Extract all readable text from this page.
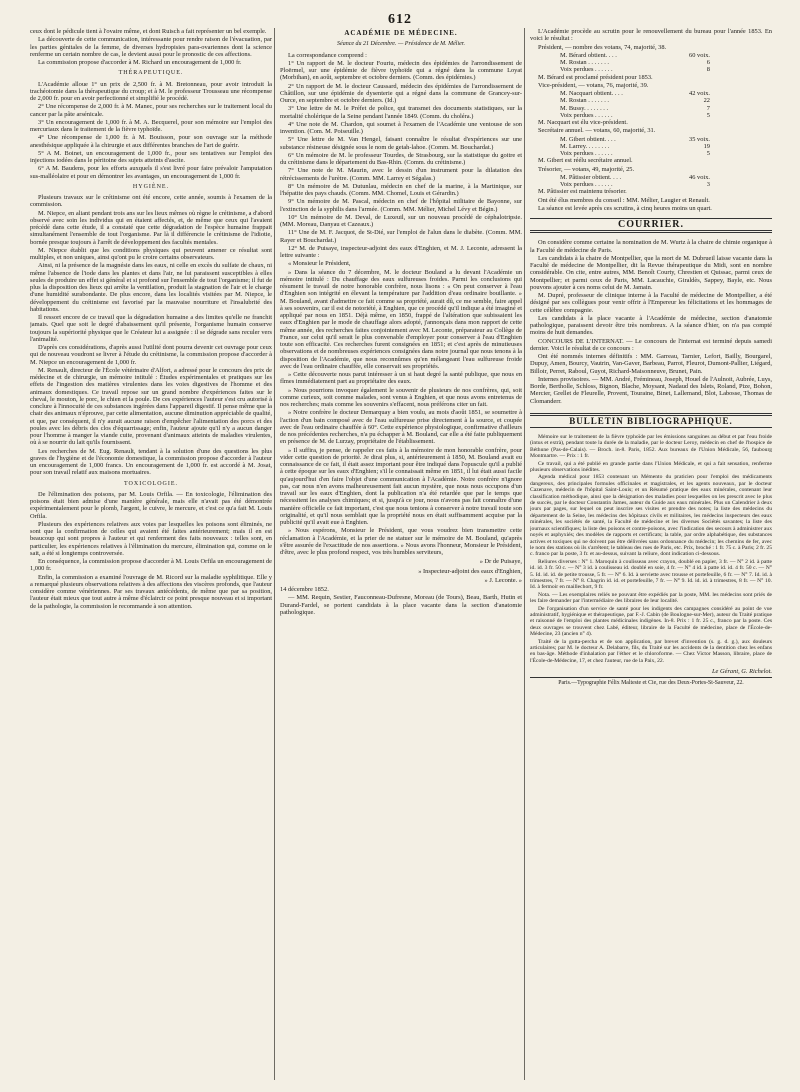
612

ceux dont le pédicule tient à l'ovaire même, et dont Ruisch a fait représenter un bel exemple.

La découverte de cette communication, intéressante pour rendre raison de l'évacuation, par les parties génitales de la femme, de diverses hydropisies para-ovariennes dont la science renferme un certain nombre de cas, le devient aussi pour le pronostic de ces affections.

La commission propose d'accorder à M. Richard un encouragement de 1,000 fr.

THÉRAPEUTIQUE.

L'Académie alloue 1° un prix de 2,500 fr. à M. Bretonneau, pour avoir introduit la trachéotomie dans la thérapeutique du croup; et à M. le professeur Trousseau une récompense de 2,000 fr. pour en avoir perfectionné et simplifié le procédé.

2° Une récompense de 2,000 fr. à M. Manec, pour ses recherches sur le traitement local du cancer par la pâte arsénicale.

3° Un encouragement de 1,000 fr. à M. A. Becquerel, pour son mémoire sur l'emploi des mercuriaux dans le traitement de la fièvre typhoïde.

4° Une récompense de 1,000 fr. à M. Bouisson, pour son ouvrage sur la méthode anesthésique appliquée à la chirurgie et aux différentes branches de l'art de guérir.

5° A M. Boinet, un encouragement de 1,000 fr., pour ses tentatives sur l'emploi des injections iodées dans le péritoine des sujets atteints d'ascite.

6° A M. Baudens, pour les efforts auxquels il s'est livré pour faire prévaloir l'amputation sus-malléolaire et pour en démontrer les avantages, un encouragement de 1,000 fr.

HYGIÈNE.

Plusieurs travaux sur le crétinisme ont été encore, cette année, soumis à l'examen de la commission.

M. Niepce, en aliant pendant trois ans sur les lieux mêmes où règne le crétinisme, a d'abord observé avec soin les individus qui en étaient affectés, et, de même que ceux qui l'avaient précédé dans cette étude, il a constaté que cette dégradation de l'espèce humaine frappait simultanément l'ensemble de tout l'organisme. Par là il différencie le crétinisme de l'idiotie, bornée presque toujours à l'arrêt de développement des facultés mentales.

M. Niepce établit que les conditions physiques qui peuvent amener ce résultat sont multiples, et non uniques, ainsi qu'ont pu le croire certains observateurs.

Ainsi, ni la présence de la magnésie dans les eaux, ni celle en excès du sulfate de chaux, ni même l'absence de l'iode dans les plantes et dans l'air, ne lui paraissent susceptibles à elles seules de produire un effet si général et si profond sur l'ensemble de tout l'organisme; il fut de plus la disposition des lieux qui arrête la ventilation, produit la stagnation de l'air et le charge d'une humidité surabondante. De plus encore, dans les localités visitées par M. Niepce, le développement du crétinisme est favorisé par la mauvaise nourriture et l'insalubrité des habitations.

Il ressort encore de ce travail que la dégradation humaine a des limites qu'elle ne franchit jamais. Quel que soit le degré d'abaissement qu'il présente, l'organisme humain conserve toujours la supériorité physique que le Créateur lui a assignée : il se dégrade sans reculer vers l'animalité.

D'après ces considérations, d'après aussi l'utilité dont pourra devenir cet ouvrage pour ceux qui de nouveau voudront se livrer à l'étude du crétinisme, la commission propose d'accorder à M. Niepce un encouragement de 1,000 fr.

M. Renault, directeur de l'École vétérinaire d'Alfort, a adressé pour le concours des prix de médecine et de chirurgie, un mémoire intitulé : Études expérimentales et pratiques sur les effets de l'ingestion des matières virulentes dans les voies digestives de l'homme et des animaux domestiques. Ce travail repose sur un grand nombre d'expériences faites sur le cheval, le mouton, le porc, le chien et la poule. De ces expériences l'auteur s'est cru autorisé à conclure à l'innocuité de ces substances ingérées dans l'appareil digestif. Il pense même que la chair des animaux n'éprouve, par cette alimentation, aucune diminution appréciable de qualité, et que, par conséquent, il n'y aurait aucune raison d'empêcher l'alimentation des porcs et des poules avec les débris des clos d'équarrissage; enfin, l'auteur ajoute qu'il n'y a aucun danger pour l'homme à manger la viande cuite, provenant d'animaux atteints de maladies virulentes, où à se nourrir du lait qu'ils fournissent.

Les recherches de M. Eug. Renault, tendant à la solution d'une des questions les plus graves de l'hygiène et de l'économie domestique, la commission propose d'accorder à l'auteur un encouragement de 1,000 francs. Un encouragement de 1,000 fr. est accordé à M. Josat, pour son travail relatif aux maisons mortuaires.

TOXICOLOGIE.

De l'élimination des poisons, par M. Louis Orfila. — En toxicologie, l'élimination des poisons était bien admise d'une manière générale, mais elle n'avait pas été démontrée expérimentalement pour le plomb, l'argent, le cuivre, le mercure, et c'est ce qu'a fait M. Louis Orfila.

Plusieurs des expériences relatives aux voies par lesquelles les poisons sont éliminés, ne sont que la confirmation de celles qui avaient été faites antérieurement; mais il en est beaucoup qui sont propres à l'auteur et qui renferment des faits nouveaux : telles sont, en particulier, les expériences relatives à l'élimination du mercure, élimination qui, comme on le sait, a été si longtemps controversée.

En conséquence, la commission propose d'accorder à M. Louis Orfila un encouragement de 1,000 fr.

Enfin, la commission a examiné l'ouvrage de M. Ricord sur la maladie syphilitique. Elle y a remarqué plusieurs observations relatives à des affections des viscères profonds, que l'auteur considère comme vénériennes. Par ses travaux antécédents, de même que par sa position, l'auteur était mieux que tout autre à même d'éclaircir ce point presque nouveau et si important de la pathologie, la commission le recommande à son attention.

ACADÉMIE DE MÉDECINE.
Séance du 21 Décembre. — Présidence de M. Mélier.

La correspondance comprend :

1° Un rapport de M. le docteur Fouriu, médecin des épidémies de l'arrondissement de Ploërmel, sur une épidémie de fièvre typhoïde qui a régné dans la commune Loyat (Morbihan), en août, septembre et octobre derniers. (Comm. des épidémies.)

2° Un rapport de M. le docteur Caussard, médecin des épidémies de l'arrondissement de Châtillon, sur une épidémie de dysenterie qui a régné dans la commune de Grancey-sur-Ource, en septembre et octobre derniers. (Id.)

3° Une lettre de M. le Préfet de police, qui transmet des documents statistiques, sur la mortalité cholérique de la Seine pendant l'année 1849. (Comm. du choléra.)

4° Une note de M. Chardon, qui soumet à l'examen de l'Académie une ventouse de son invention. (Com. M. Poiseuille.)

5° Une lettre de M. Van Hengel, faisant connaître le résultat d'expériences sur une substance résineuse désignée sous le nom de getah-lahoe. (Comm. M. Bouchardat.)

6° Un mémoire de M. le professeur Tourdes, de Strasbourg, sur la statistique du goitre et du crétinisme dans le département du Bas-Rhin. (Comm. du crétinisme.)

7° Une note de M. Maurin, avec le dessin d'un instrument pour la dilatation des rétrécissements de l'urètre. (Comm. MM. Larrey et Ségalas.)

8° Un mémoire de M. Dutunlau, médecin en chef de la marine, à la Martinique, sur l'hépatite des pays chauds. (Comm. MM. Chomel, Louis et Gérardin.)

9° Un mémoire de M. Pascal, médecin en chef de l'hôpital militaire de Bayonne, sur l'extinction de la syphilis dans l'armée. (Comm. MM. Mélier, Michel Lévy et Bégin.)

10° Un mémoire de M. Deval, de Luxeuil, sur un nouveau procédé de céphalotripsie. (MM. Moreau, Danyau et Cazeaux.)

11° Une de M. F. Jacquot, de St-Dié, sur l'emploi de l'alun dans le diabète. (Comm. MM. Rayer et Bouchardat.)

12° M. de Puisaye, inspecteur-adjoint des eaux d'Enghien, et M. J. Leconte, adressent la lettre suivante :

« Monsieur le Président,

» Dans la séance du 7 décembre, M. le docteur Bouland a lu devant l'Académie un mémoire intitulé : Du chauffage des eaux sulfureuses froides. Parmi les conclusions qui résument le travail de notre honorable confrère, nous lisons : « On peut conserver à l'eau d'Enghien son intégrité en élevant la température par l'addition d'eau ordinaire bouillante. » M. Bouland, avant d'admettre ce fait comme sa propriété, aurait dû, ce me semble, faire appel à ses souvenirs, car il est de notoriété, à Enghien, que ce procédé qu'il indique a été imaginé et appliqué par nous en 1851. Déjà même, en 1850, frappé de l'altération que subissaient les eaux d'Enghien par le mode de chauffage alors adopté, j'annonçais dans mon rapport de cette même année, des recherches faites conjointement avec M. Leconte, préparateur au Collège de France, sur celui qu'il serait le plus convenable d'employer pour conserver à l'eau d'Enghien toute son efficacité. Ces recherches furent consignées en 1851; et c'est après de minutieuses observations et de nombreuses expériences consignées dans notre journal que nous tenons à la disposition de l'Académie, que nous reconnûmes qu'en mélangeant l'eau sulfureuse froide avec de l'eau ordinaire chauffée, elle conservait ses propriétés.

» Cette découverte nous parut intéresser à un si haut degré la santé publique, que nous en fîmes immédiatement part au propriétaire des eaux.

» Nous pourrions invoquer également le souvenir de plusieurs de nos confrères, qui, soit comme curieux, soit comme malades, sont venus à Enghien, et que nous avons entretenus de nos recherches; mais comme les souvenirs s'effacent, nous préférons citer un fait.

» Notre confrère le docteur Demarquay a bien voulu, au mois d'août 1851, se soumettre à l'action d'un bain composé avec de l'eau sulfureuse prise directement à la source, et coupée avec de l'eau ordinaire chauffée à 60°. Cette expérience physiologique, confirmative d'ailleurs de nos précédentes recherches, n'a pu échapper à M. Bouland, car elle a été faite publiquement en présence de M. de Lurzay, propriétaire de l'établissement.

» Il suffira, je pense, de rappeler ces faits à la mémoire de mon honorable confrère, pour vider cette question de priorité. Je dirai plus, si, antérieurement à 1850, M. Bouland avait eu connaissance de ce fait, il était assez important pour être indiqué dans l'opuscule qu'il a publié à cette époque sur les eaux d'Enghien; s'il le connaissait même en 1851, il lui était aussi facile qu'aujourd'hui d'en faire l'objet d'une communication à l'Académie. Notre confrère n'ignore pas, car nous n'en avons malheureusement fait aucun mystère, que nous nous occupons d'un travail sur les eaux d'Enghien, dont la publication n'a été retardée que par le temps que nécessitent les analyses chimiques; et si, jusqu'à ce jour, nous n'avons pas fait connaître d'une manière officielle ce fait important, c'est que nous tenions à conserver à notre travail toute son originalité, et qu'il nous semblait que la propriété nous en était suffisamment acquise par la publicité qu'il avait eue à Enghien.

» Nous espérons, Monsieur le Président, que vous voudrez bien transmettre cette réclamation à l'Académie, et la prier de ne statuer sur le mémoire de M. Bouland, qu'après s'être assurée de l'exactitude de nos assertions. » Nous avons l'honneur, Monsieur le Président, d'être, avec le plus profond respect, vos très humbles serviteurs,

» Dr de Puisaye,
» Inspecteur-adjoint des eaux d'Enghien,
» J. Leconte. »

14 décembre 1852.

— MM. Requin, Sestier, Fauconneau-Dufresne, Moreau (de Tours), Beau, Barth, Hutin et Durand-Fardel, se portent candidats à la place vacante dans la section d'anatomie pathologique.

L'Académie procède au scrutin pour le renouvellement du bureau pour l'année 1853. En voici le résultat :

Président, — nombre des votans, 74, majorité, 38.

M. Bérard obtient. . . .	60 voix.
M. Rostan . . . . . . .	6
Voix perdues . . . . . .	8

M. Bérard est proclamé président pour 1853.

Vice-président, — votans, 76, majorité, 39.

M. Nacquart obtient. . . .	42 voix.
M. Rostan . . . . . . .	22
M. Bussy. . . . . . . .	7
Voix perdues . . . . . .	5

M. Nacquart est élu vice-président.

Secrétaire annuel. — votans, 60, majorité, 31.

M. Gibert obtient. . . .	35 voix.
M. Larrey. . . . . . . .	19
Voix perdues . . . . . .	5

M. Gibert est réélu secrétaire annuel.

Trésorier, — votans, 49, majorité, 25.

M. Pâtissier obtient. . . .	46 voix.
Voix perdues . . . . . .	3

M. Pâtissier est maintenu trésorier.

Ont été élus membres du conseil : MM. Mélier, Laugier et Renault.

La séance est levée après ces scrutins, à cinq heures moins un quart.

COURRIER.

On considère comme certaine la nomination de M. Wurtz à la chaire de chimie organique à la Faculté de médecine de Paris.

Les candidats à la chaire de Montpellier, que la mort de M. Dubrueil laisse vacante dans la Faculté de médecine de Montpellier, dit la Revue thérapeutique du Midi, sont en nombre considérable. On cite, entre autres, MM. Benoît Courty, Chrestien et Quissac, parmi ceux de Montpellier; et parmi ceux de Paris, MM. Lacauchie, Giraldès, Sappey, Bayle, etc. Nous pouvons ajouter à ces noms celui de M. Jamain.

M. Dupré, professeur de clinique interne à la Faculté de médecine de Montpellier, a été désigné par ses collègues pour venir offrir à l'Empereur les félicitations et les hommages de cette célèbre compagnie.

Les candidats à la place vacante à l'Académie de médecine, section d'anatomie pathologique, paraissent devoir être très nombreux. A la séance d'hier, on n'a pas compté moins de huit demandes.

CONCOURS DE L'INTERNAT. — Le concours de l'internat est terminé depuis samedi dernier. Voici le résultat de ce concours :

Ont été nommés internes définitifs : MM. Garreau, Tarnier, Lefort, Bailly, Bourgarel, Dupuy, Amen, Bourcy, Vautrin, Van-Gaver, Barbeau, Parrot, Fleurot, Dumont-Pallier, Liégard, Billoir, Perret, Raboul, Guyot, Richard-Maisonneuve, Brunet, Pain.

Internes provisoires. — MM. André, Frémineau, Joseph, Houel de l'Aulnoit, Aubrée, Luys, Borde, Bertholle, Schloss, Bignon, Blache, Moysant, Nadaud des Islets, Roland, Pize, Bohon, Mercier, Grellet de Fleurelle, Provent, Touraine, Binet, Lallemand, Blot, Labosse, Thomas de Clomanderr.

BULLETIN BIBLIOGRAPHIQUE.

Mémoire sur le traitement de la fièvre typhoïde par les émissions sanguines au début et par l'eau froide (intus et extrà), pendant toute la durée de la maladie, par le docteur Leroy, médecin en chef de l'hospice de Béthune (Pas-de-Calais). — Broch. in-8. Paris, 1852. Aux bureaux de l'Union Médicale, 56, faubourg Montmartre. — Prix : 1 fr.

Ce travail, qui a été publié en grande partie dans l'Union Médicale, et qui a fait sensation, renferme plusieurs observations inédites.

Agenda médical pour 1853 contenant un Mémento du praticien pour l'emploi des médicaments dangereux, des principales formules officinales et magistrales, et les agents nouveaux, par le docteur Cazenave, médecin de l'hôpital Saint-Louis; et un Résumé pratique des eaux minérales, contenant leur classification méthodique, ainsi que la désignation des maladies pour lesquelles on les prescrit avec le plus de succès, par le docteur Constantin James, auteur du Guide aux eaux minérales. Plus un Calendrier à deux jours par pages, sur lequel on peut inscrire ses visites et prendre des notes; la liste des médecins du département de la Seine, les médecins des hôpitaux civils et militaires, les médecins inspecteurs des eaux minérales, les sociétés de santé, la Faculté de médecine et les diverses Sociétés savantes; la liste des journaux scientifiques; la liste des poisons et contre-poisons, avec l'indication des secours à administrer aux noyés et asphyxiés; des modèles de rapports et certificats; la table, par ordre alphabétique, des substances actives et toxiques qui ne doivent pas être délivrées sans ordonnance du médecin; les chemins de fer, avec le nom des stations où ils s'arrêtent; le tableau des rues de Paris, etc. Prix, broché : 1 fr. 75 c. à Paris; 2 fr. 25 c. franco par la poste, 3 fr. et au-dessus, suivant la reliure, dont indication ci-dessous.

Reliures diverses : N° 1. Maroquin à coulisseau avec crayon, doublé en papier, 3 fr. — N° 2 id. à patte id. id. 3 fr. 50 c. — N° 3 id. à coulisseau id. doublé en soie, 4 fr. — N° 4 id. à patte id. id. 4 fr. 50 c. — N° 5. Id. id. id. de petite trousse, 5 fr. — N° 6. Id. à serviette avec trousse et portefeuille, 6 fr. — N° 7. Id. id. à trimestres, 7 fr. — N° 8. Chagrin id. id. et portefeuille, 7 fr. — N° 9. Id. id. id. à trimestres, 8 fr. — N° 10. Id. à fermoir en maillechort, 9 fr.

Nota. — Les exemplaires reliés ne pouvant être expédiés par la poste, MM. les médecins sont priés de les faire demander par l'intermédiaire des libraires de leur localité.

De l'organisation d'un service de santé pour les indigents des campagnes considéré au point de vue administratif, hygiénique et thérapeutique, par F.-J. Cabin (de Boulogne-sur-Mer), auteur du Traité pratique et raisonné de l'emploi des plantes médicinales indigènes. In-8. Prix : 1 fr. 25 c., franco par la poste. Ces deux ouvrages se trouvent chez Labé, éditeur, libraire de la Faculté de médecine, place de l'École-de-Médecine, 23 (ancien n° 4).

Traité de la gutta-percha et de son application, par brevet d'invention (s. g. d. g.), aux douleurs articulaires; par M. le docteur A. Delabarre, fils, du Traité sur les accidents de la dentition chez les enfans en bas-âge. Méthode d'inhalation par l'éther et le chloroforme. — Chez Victor Masson, libraire, place de l'École-de-Médecine, 17, et chez l'auteur, rue de la Paix, 22.

Le Gérant, G. Richelot.
Paris.—Typographie Félix Malteste et Cie, rue des Deux-Portes-St-Sauveur, 22.
